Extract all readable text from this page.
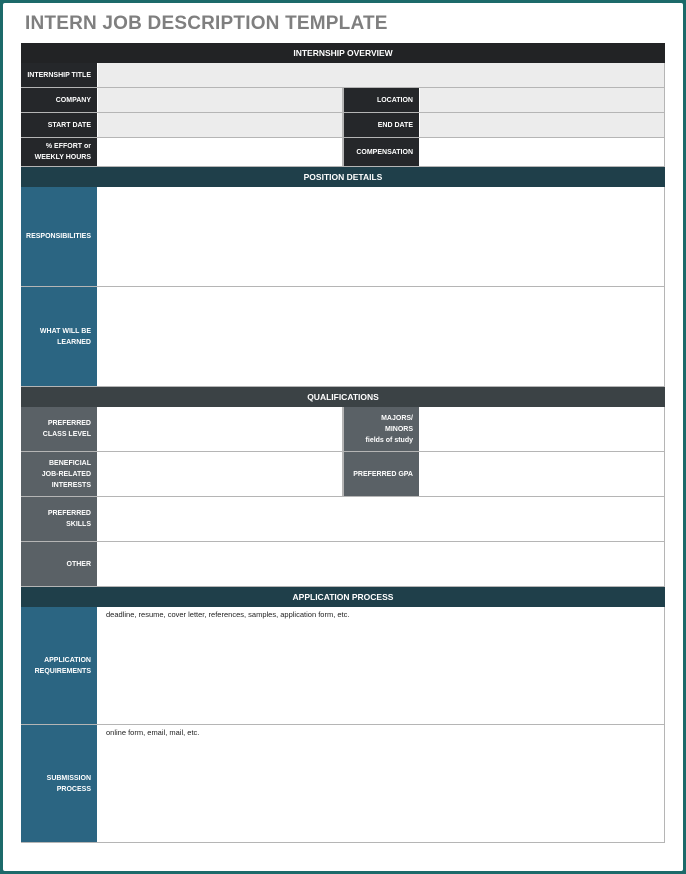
INTERN JOB DESCRIPTION TEMPLATE
INTERNSHIP OVERVIEW
INTERNSHIP TITLE
COMPANY	LOCATION
START DATE	END DATE
% EFFORT or
WEEKLY HOURS
COMPENSATION
POSITION DETAILS
RESPONSIBILITIES
WHAT WILL BE
LEARNED
QUALIFICATIONS
PREFERRED
CLASS LEVEL
MAJORS/
MINORS
fields of study
BENEFICIAL
JOB-RELATED
INTERESTS
PREFERRED GPA
PREFERRED
SKILLS
OTHER
APPLICATION PROCESS
APPLICATION
REQUIREMENTS
deadline, resume, cover letter, references, samples, application form, etc.
SUBMISSION
PROCESS
online form, email, mail, etc.
